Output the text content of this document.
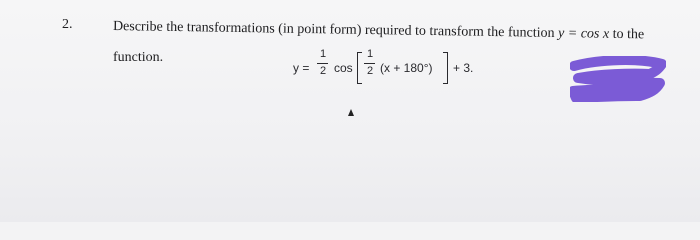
2.	Describe the transformations (in point form) required to transform the function y = cos x to the
function.
y =
1
2 cos
1
2 (x + 180°) + 3.
